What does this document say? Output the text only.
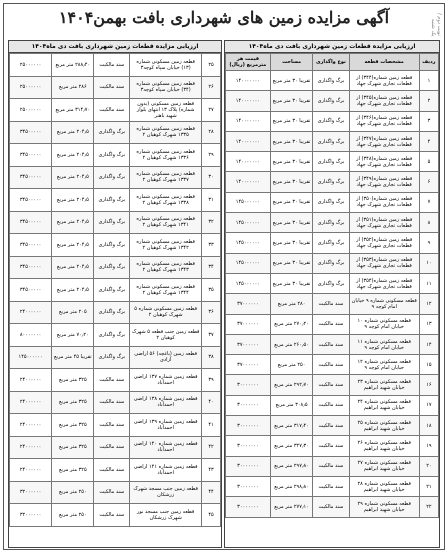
نوبت دوم / یک شنبه
آگهی مزایده زمین های شهرداری بافت بهمن۱۴۰۴
ارزیابی مزایده قطعات زمین شهرداری بافت دی ماه۱۴۰۴
ردیف	مشخصات قطعه	نوع واگذاری	مساحت	قیمت هر مترمربع (ریال)
۱	قطعه زمین شماره(۳۴۴) از قطعات تجاری شهرک جهاد	برگ واگذاری	تقریبا ۳۰ متر مربع	۱۴۰۰۰۰۰۰۰
۲	قطعه زمین شماره(۳۴۵) از قطعات تجاری شهرک جهاد	برگ واگذاری	تقریبا ۳۰ متر مربع	۱۴۰۰۰۰۰۰۰
۳	قطعه زمین شماره(۳۴۶) از قطعات تجاری شهرک جهاد	برگ واگذاری	تقریبا ۳۰ متر مربع	۱۴۰۰۰۰۰۰۰
۴	قطعه زمین شماره(۳۴۷) از قطعات تجاری شهرک جهاد	برگ واگذاری	تقریبا ۳۰ متر مربع	۱۴۰۰۰۰۰۰۰
۵	قطعه زمین شماره(۳۴۸) از قطعات تجاری شهرک جهاد	برگ واگذاری	تقریبا ۳۰ متر مربع	۱۴۰۰۰۰۰۰۰
۶	قطعه زمین شماره(۳۴۹) از قطعات تجاری شهرک جهاد	برگ واگذاری	تقریبا ۳۰ متر مربع	۱۴۰۰۰۰۰۰۰
۷	قطعه زمین شماره(۳۵۰) از قطعات تجاری شهرک جهاد	برگ واگذاری	تقریبا ۳۰ متر مربع	۱۴۵۰۰۰۰۰۰
۸	قطعه زمین شماره(۳۵۱) از قطعات تجاری شهرک جهاد	برگ واگذاری	تقریبا ۳۰ متر مربع	۱۴۵۰۰۰۰۰۰
۹	قطعه زمین شماره(۳۵۲) از قطعات تجاری شهرک جهاد	برگ واگذاری	تقریبا ۳۰ متر مربع	۱۴۵۰۰۰۰۰۰
۱۰	قطعه زمین شماره(۳۵۳) از قطعات تجاری شهرک جهاد	برگ واگذاری	تقریبا ۳۰ متر مربع	۱۴۵۰۰۰۰۰۰
۱۱	قطعه زمین شماره(۳۵۴) از قطعات تجاری شهرک جهاد	برگ واگذاری	تقریبا ۳۰ متر مربع	۱۴۵۰۰۰۰۰۰
۱۲	قطعه مسکونی شماره ۹ خیابان امام کوچه ۹	سند مالکیت	۲۸۰ متر مربع	۳۷۰۰۰۰۰۰
۱۳	قطعه مسکونی شماره ۱۰ خیابان امام کوچه ۹	سند مالکیت	۲۷۰٫۲۰ متر مربع	۳۷۰۰۰۰۰۰
۱۴	قطعه مسکونی شماره ۱۱ خیابان امام کوچه ۹	سند مالکیت	۲۶۰٫۵۰ متر مربع	۳۷۰۰۰۰۰۰
۱۵	قطعه مسکونی شماره ۱۲ خیابان امام کوچه ۹	سند مالکیت	۲۵۰ متر مربع	۳۷۰۰۰۰۰۰
۱۶	قطعه مسکونی شماره ۲۳ خیابان شهید ابراهیم	سند مالکیت	۲۹۲٫۷۰ متر مربع	۳۰۰۰۰۰۰۰
۱۷	قطعه مسکونی شماره ۲۴ خیابان شهید ابراهیم	سند مالکیت	۳۰۸٫۵ متر مربع	۳۰۰۰۰۰۰۰
۱۸	قطعه مسکونی شماره ۲۵ خیابان شهید ابراهیم	سند مالکیت	۳۱۷٫۴۰ متر مربع	۳۰۰۰۰۰۰۰
۱۹	قطعه مسکونی شماره ۲۶ خیابان شهید ابراهیم	سند مالکیت	۳۲۷٫۳۰ متر مربع	۳۰۰۰۰۰۰۰
۲۰	قطعه مسکونی شماره ۲۷ خیابان شهید ابراهیم	سند مالکیت	۲۹۷٫۸۰ متر مربع	۳۰۰۰۰۰۰۰
۲۱	قطعه مسکونی شماره ۲۸ خیابان شهید ابراهیم	سند مالکیت	۲۹۸٫۸۰ متر مربع	۳۰۰۰۰۰۰۰
۲۲	قطعه مسکونی شماره ۲۹ خیابان شهید ابراهیم	سند مالکیت	۲۷۷٫۱۰ متر مربع	۳۰۰۰۰۰۰۰
ارزیابی مزایده قطعات زمین شهرداری بافت دی ماه۱۴۰۴
۲۵	قطعه زمین مسکونی شماره (۱۳) خیابان سپاه کوچه۳	سند مالکیت	۲۸۸٫۴۰ متر مربع	۲۵۰۰۰۰۰۰
۲۶	قطعه زمین مسکونی شماره (۳۴) خیابان سپاه کوچه۳	سند مالکیت	۲۸۶ متر مربع	۲۵۰۰۰۰۰۰
۲۷	قطعه زمین مسکونی (بدون شماره) پلاک ۱۳ انتهای بلوار شهید باهنر	سند مالکیت	۳۱۴٫۷۰ متر مربع	۲۵۰۰۰۰۰۰
۲۸	قطعه زمین مسکونی شماره ۱۳۳۵ شهرک کوهیان ۲	برگ واگذاری	۲۰۴٫۵ متر مربع	۳۴۵۰۰۰۰۰
۲۹	قطعه زمین مسکونی شماره ۱۳۳۶ شهرک کوهیان ۲	برگ واگذاری	۲۰۴٫۵ متر مربع	۳۴۵۰۰۰۰۰
۳۰	قطعه زمین مسکونی شماره ۱۳۳۷ شهرک کوهیان ۲	برگ واگذاری	۲۰۴٫۵ متر مربع	۳۴۵۰۰۰۰۰
۳۱	قطعه زمین مسکونی شماره ۱۳۳۸ شهرک کوهیان ۲	برگ واگذاری	۲۰۴٫۵ متر مربع	۳۴۵۰۰۰۰۰
۳۲	قطعه زمین مسکونی شماره ۱۳۴۱ شهرک کوهیان ۲	برگ واگذاری	۲۰۴٫۵ متر مربع	۳۴۵۰۰۰۰۰
۳۳	قطعه زمین مسکونی شماره ۱۳۴۲ شهرک کوهیان ۲	برگ واگذاری	۲۰۴٫۵ متر مربع	۳۴۵۰۰۰۰۰
۳۴	قطعه زمین مسکونی شماره ۱۳۴۳ شهرک کوهیان ۲	برگ واگذاری	۲۰۴٫۵ متر مربع	۳۴۵۰۰۰۰۰
۳۵	قطعه زمین مسکونی شماره ۱۳۴۴ شهرک کوهیان ۲	برگ واگذاری	۲۰۴٫۵ متر مربع	۳۴۵۰۰۰۰۰
۳۶	قطعه زمین مسکونی شماره ۵ شهرک کوهیان ۲	برگ واگذاری	۲۰۵ متر مربع	۲۴۰۰۰۰۰۰
۳۷	قطعه زمین جنب قطعه ۵ شهرک کوهیان ۲	برگ واگذاری	۷۰٫۲۰ متر مربع	۸۰۰۰۰۰۰۰
۳۸	قطعه زمین (باغچه) ۵۶ اراضی آزادی	برگ واگذاری	تقریبا ۴۵ متر مربع	۱۴۵۰۰۰۰۰۰
۳۹	قطعه زمین شماره ۱۳۷ اراضی احمدآباد	سند مالکیت	۳۲۵ متر مربع	۲۴۰۰۰۰۰۰
۴۰	قطعه زمین شماره ۱۳۸ اراضی احمدآباد	سند مالکیت	۳۲۵ متر مربع	۲۴۰۰۰۰۰۰
۴۱	قطعه زمین شماره ۱۳۹ اراضی احمدآباد	سند مالکیت	۳۲۵ متر مربع	۲۴۰۰۰۰۰۰
۴۲	قطعه زمین شماره ۱۴۰ اراضی احمدآباد	سند مالکیت	۳۲۵ متر مربع	۲۴۰۰۰۰۰۰
۴۳	قطعه زمین شماره ۱۴۱ اراضی احمدآباد	سند مالکیت	۳۲۵ متر مربع	۲۴۰۰۰۰۰۰
۴۴	قطعه زمین جنب مسجد شهرک زرشکان	سند مالکیت	۲۵۰ متر مربع	۳۲۰۰۰۰۰۰
۴۵	قطعه زمین جنب مسجد نور شهرک زرشکان	سند مالکیت	۲۵۰ متر مربع	۳۲۰۰۰۰۰۰
